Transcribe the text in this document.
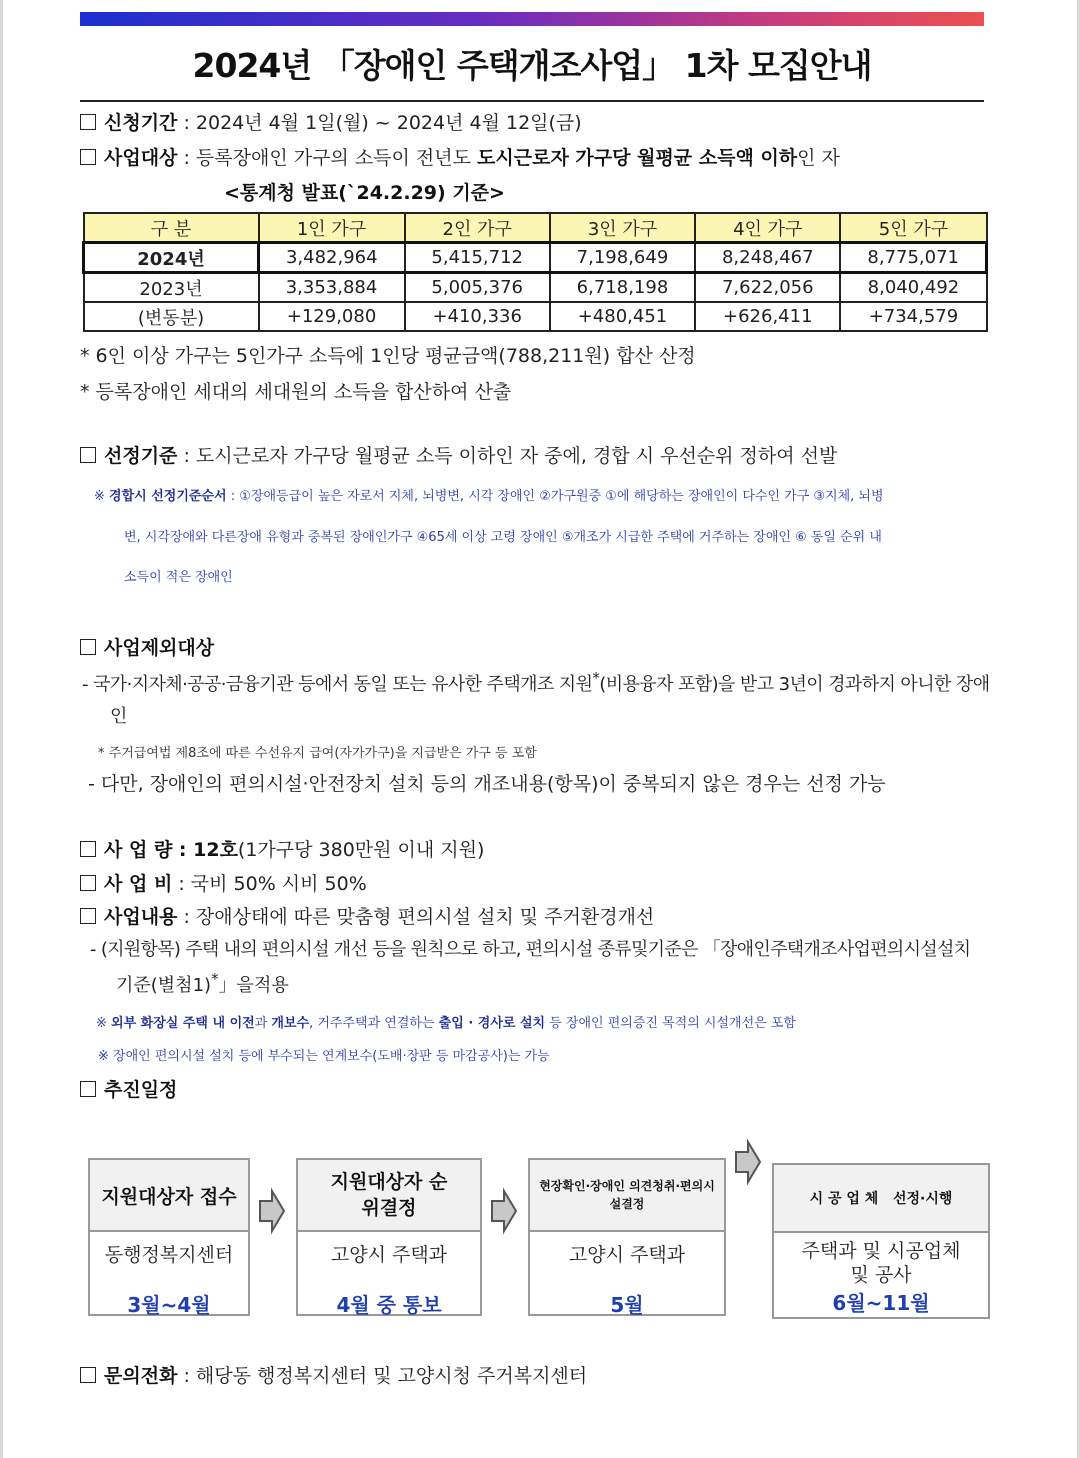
2024년 「장애인 주택개조사업」 1차 모집안내
신청기간 : 2024년 4월 1일(월) ~ 2024년 4월 12일(금)
사업대상 : 등록장애인 가구의 소득이 전년도 도시근로자 가구당 월평균 소득액 이하인 자
<통계청 발표(`24.2.29) 기준>
구 분	1인 가구	2인 가구	3인 가구	4인 가구	5인 가구
2024년	3,482,964	5,415,712	7,198,649	8,248,467	8,775,071
2023년	3,353,884	5,005,376	6,718,198	7,622,056	8,040,492
(변동분)	+129,080	+410,336	+480,451	+626,411	+734,579
* 6인 이상 가구는 5인가구 소득에 1인당 평균금액(788,211원) 합산 산정
* 등록장애인 세대의 세대원의 소득을 합산하여 산출
선정기준 : 도시근로자 가구당 월평균 소득 이하인 자 중에, 경합 시 우선순위 정하여 선발
※ 경합시 선정기준순서 : ①장애등급이 높은 자로서 지체, 뇌병변, 시각 장애인 ②가구원중 ①에 해당하는 장애인이 다수인 가구 ③지체, 뇌병
변, 시각장애와 다른장애 유형과 중복된 장애인가구 ④65세 이상 고령 장애인 ⑤개조가 시급한 주택에 거주하는 장애인 ⑥ 동일 순위 내
소득이 적은 장애인
사업제외대상
- 국가·지자체·공공·금융기관 등에서 동일 또는 유사한 주택개조 지원*(비용융자 포함)을 받고 3년이 경과하지 아니한 장애
인
* 주거급여법 제8조에 따른 수선유지 급여(자가가구)을 지급받은 가구 등 포함
- 다만, 장애인의 편의시설·안전장치 설치 등의 개조내용(항목)이 중복되지 않은 경우는 선정 가능
사 업 량 : 12호(1가구당 380만원 이내 지원)
사 업 비 : 국비 50% 시비 50%
사업내용 : 장애상태에 따른 맞춤형 편의시설 설치 및 주거환경개선
- (지원항목) 주택 내의 편의시설 개선 등을 원칙으로 하고, 편의시설 종류및기준은 「장애인주택개조사업편의시설설치
기준(별첨1)*」을적용
※ 외부 화장실 주택 내 이전과 개보수, 거주주택과 연결하는 출입 · 경사로 설치 등 장애인 편의증진 목적의 시설개선은 포함
※ 장애인 편의시설 설치 등에 부수되는 연계보수(도배·장판 등 마감공사)는 가능
추진일정
지원대상자 접수
동행정복지센터
3월~4월
지원대상자 순위결정
고양시 주택과
4월 중 통보
현장확인·장애인 의견청취·편의시설결정
고양시 주택과
5월
시 공 업 체   선정·시행
주택과 및 시공업체 및 공사
6월~11월
문의전화 : 해당동 행정복지센터 및 고양시청 주거복지센터
